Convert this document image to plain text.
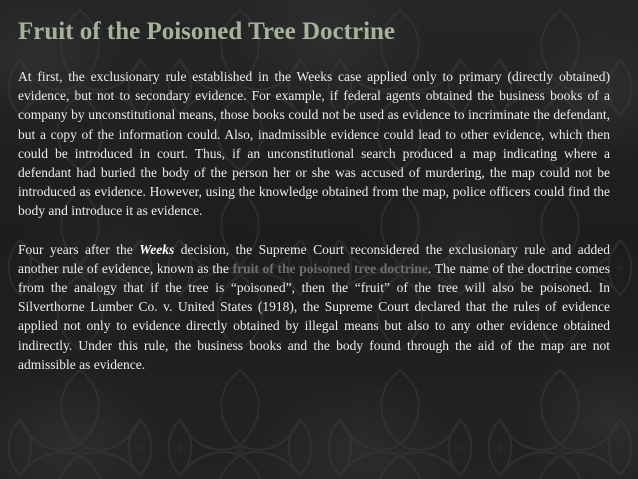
Fruit of the Poisoned Tree Doctrine

At first, the exclusionary rule established in the Weeks case applied only to primary (directly obtained) evidence, but not to secondary evidence. For example, if federal agents obtained the business books of a company by unconstitutional means, those books could not be used as evidence to incriminate the defendant, but a copy of the information could. Also, inadmissible evidence could lead to other evidence, which then could be introduced in court. Thus, if an unconstitutional search produced a map indicating where a defendant had buried the body of the person her or she was accused of murdering, the map could not be introduced as evidence. However, using the knowledge obtained from the map, police officers could find the body and introduce it as evidence.

Four years after the Weeks decision, the Supreme Court reconsidered the exclusionary rule and added another rule of evidence, known as the fruit of the poisoned tree doctrine. The name of the doctrine comes from the analogy that if the tree is “poisoned”, then the “fruit” of the tree will also be poisoned. In Silverthorne Lumber Co. v. United States (1918), the Supreme Court declared that the rules of evidence applied not only to evidence directly obtained by illegal means but also to any other evidence obtained indirectly. Under this rule, the business books and the body found through the aid of the map are not admissible as evidence.
